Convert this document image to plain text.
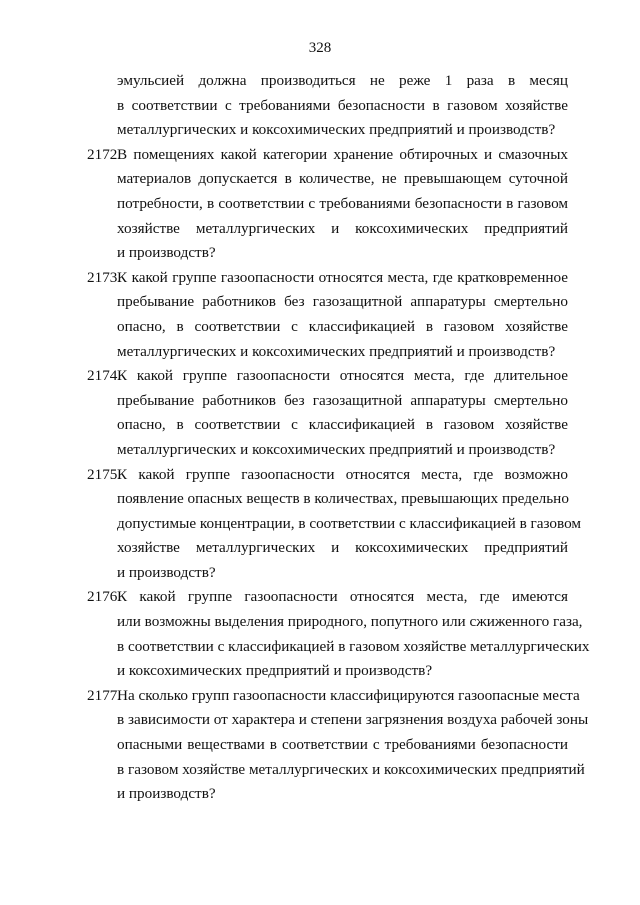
328
эмульсией должна производиться не реже 1 раза в месяц
в соответствии с требованиями безопасности в газовом хозяйстве
металлургических и коксохимических предприятий и производств?
2172.
В помещениях какой категории хранение обтирочных и смазочных
материалов допускается в количестве, не превышающем суточной
потребности, в соответствии с требованиями безопасности в газовом
хозяйстве металлургических и коксохимических предприятий
и производств?
2173.
К какой группе газоопасности относятся места, где кратковременное
пребывание работников без газозащитной аппаратуры смертельно
опасно, в соответствии с классификацией в газовом хозяйстве
металлургических и коксохимических предприятий и производств?
2174.
К какой группе газоопасности относятся места, где длительное
пребывание работников без газозащитной аппаратуры смертельно
опасно, в соответствии с классификацией в газовом хозяйстве
металлургических и коксохимических предприятий и производств?
2175.
К какой группе газоопасности относятся места, где возможно
появление опасных веществ в количествах, превышающих предельно
допустимые концентрации, в соответствии с классификацией в газовом
хозяйстве металлургических и коксохимических предприятий
и производств?
2176.
К какой группе газоопасности относятся места, где имеются
или возможны выделения природного, попутного или сжиженного газа,
в соответствии с классификацией в газовом хозяйстве металлургических
и коксохимических предприятий и производств?
2177.
На сколько групп газоопасности классифицируются газоопасные места
в зависимости от характера и степени загрязнения воздуха рабочей зоны
опасными веществами в соответствии с требованиями безопасности
в газовом хозяйстве металлургических и коксохимических предприятий
и производств?
